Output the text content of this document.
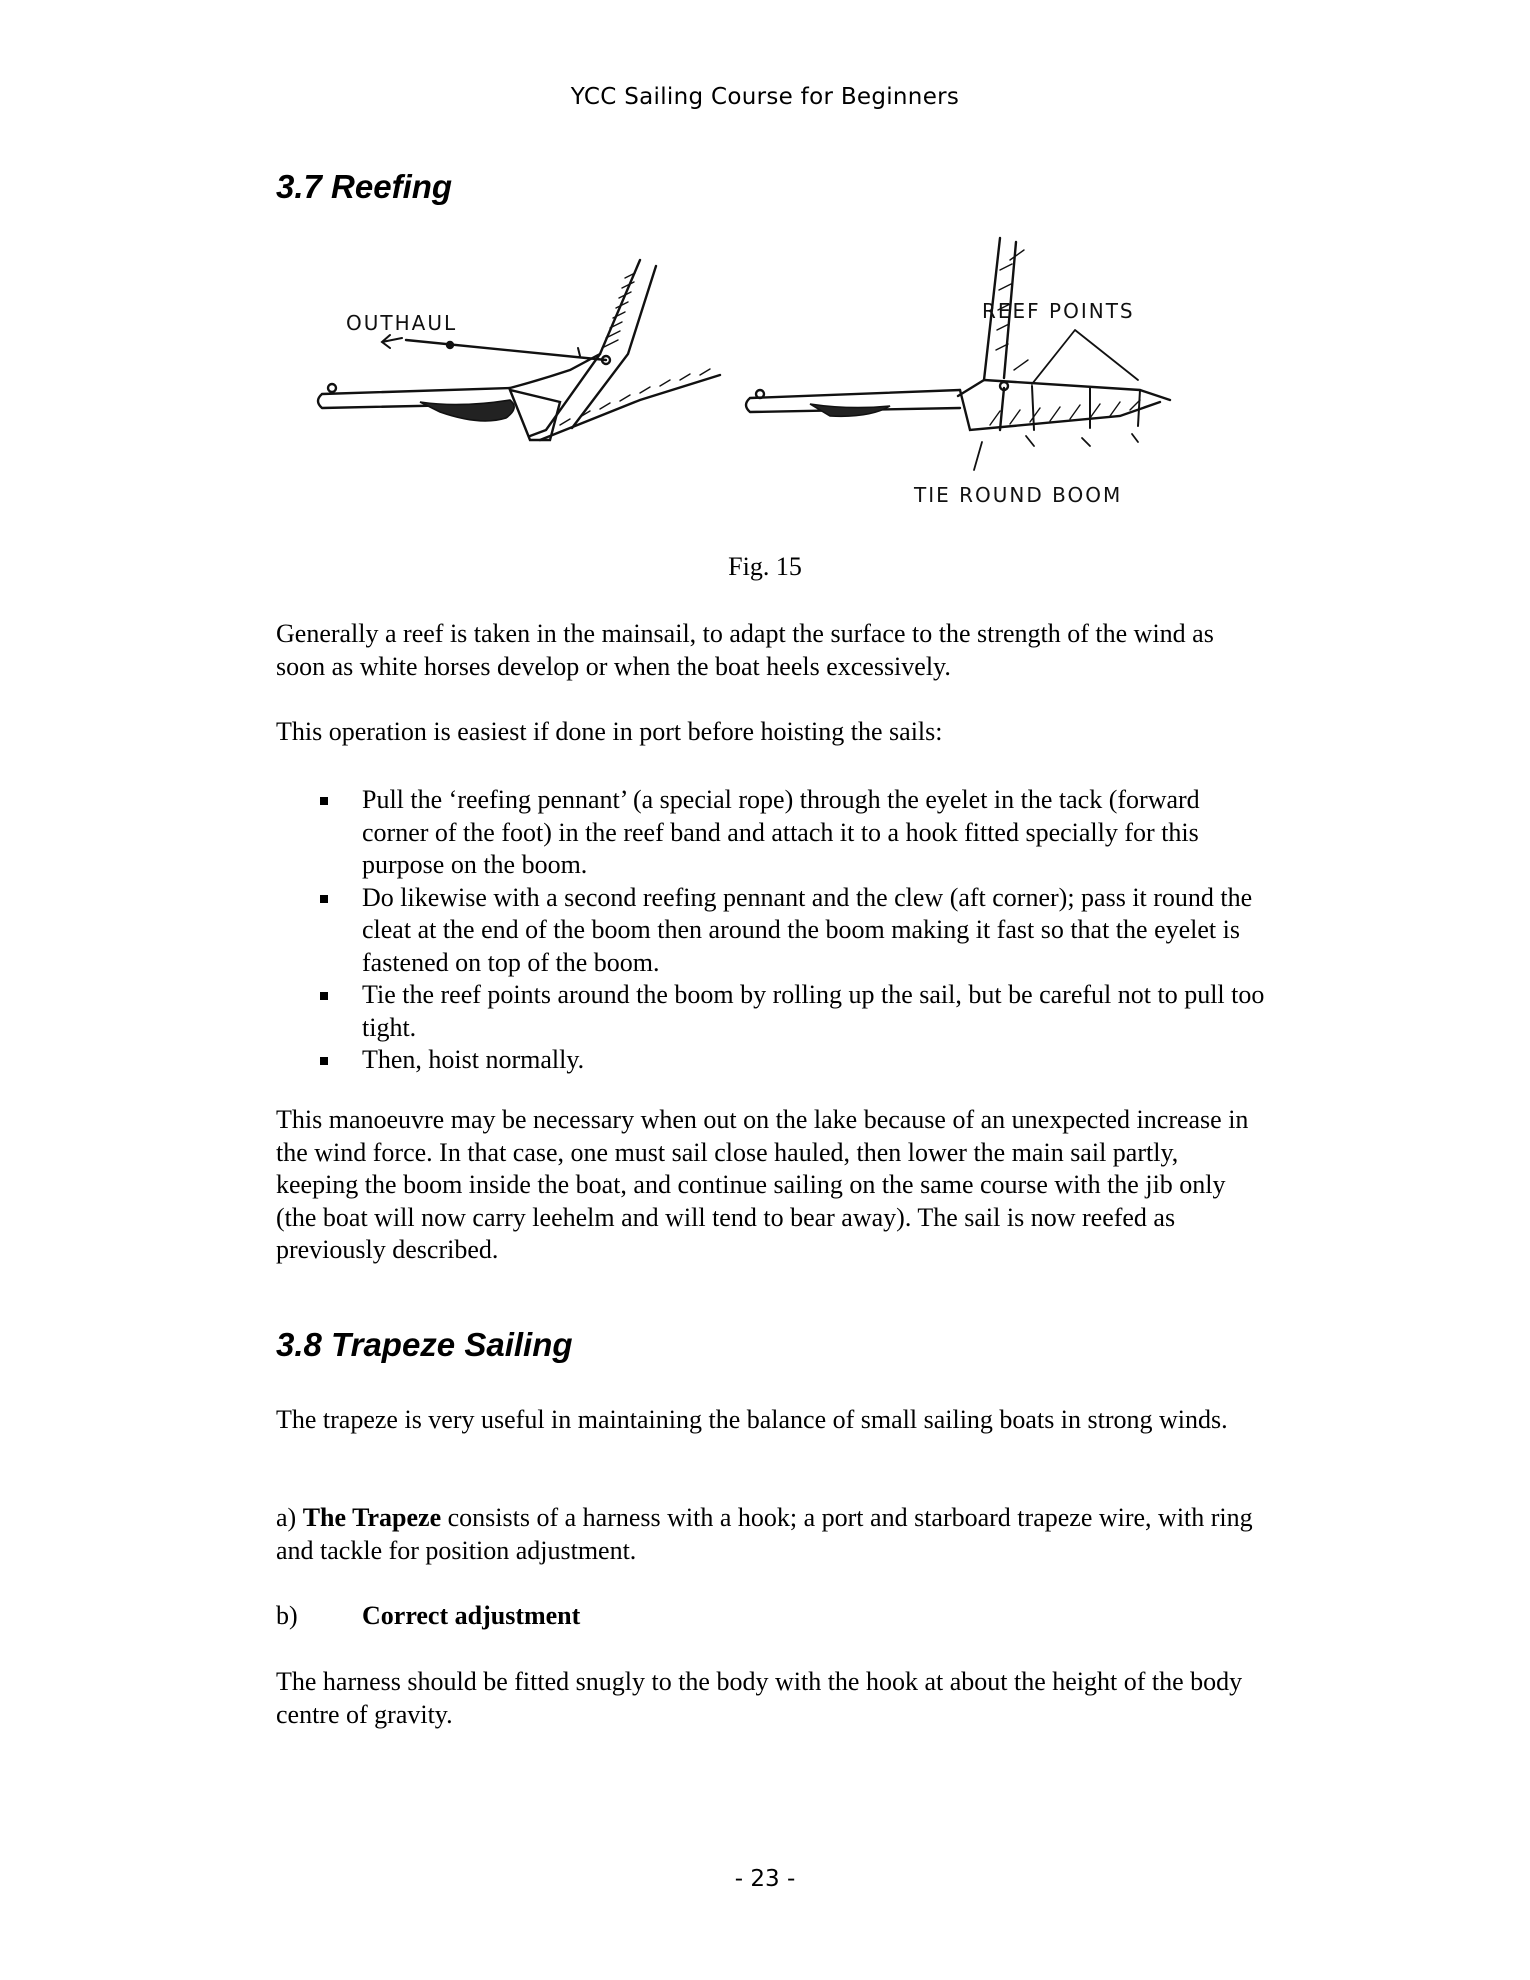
YCC Sailing Course for Beginners
3.7 Reefing
OUTHAUL	REEF POINTS
TIE ROUND BOOM
Fig. 15

Generally a reef is taken in the mainsail, to adapt the surface to the strength of the wind as soon as white horses develop or when the boat heels excessively.

This operation is easiest if done in port before hoisting the sails:

Pull the ‘reefing pennant’ (a special rope) through the eyelet in the tack (forward corner of the foot) in the reef band and attach it to a hook fitted specially for this purpose on the boom.
Do likewise with a second reefing pennant and the clew (aft corner); pass it round the cleat at the end of the boom then around the boom making it fast so that the eyelet is fastened on top of the boom.
Tie the reef points around the boom by rolling up the sail, but be careful not to pull too tight.
Then, hoist normally.

This manoeuvre may be necessary when out on the lake because of an unexpected increase in the wind force. In that case, one must sail close hauled, then lower the main sail partly, keeping the boom inside the boat, and continue sailing on the same course with the jib only (the boat will now carry leehelm and will tend to bear away). The sail is now reefed as previously described.

3.8 Trapeze Sailing

The trapeze is very useful in maintaining the balance of small sailing boats in strong winds.

a) The Trapeze consists of a harness with a hook; a port and starboard trapeze wire, with ring and tackle for position adjustment.

b) Correct adjustment

The harness should be fitted snugly to the body with the hook at about the height of the body centre of gravity.

- 23 -
